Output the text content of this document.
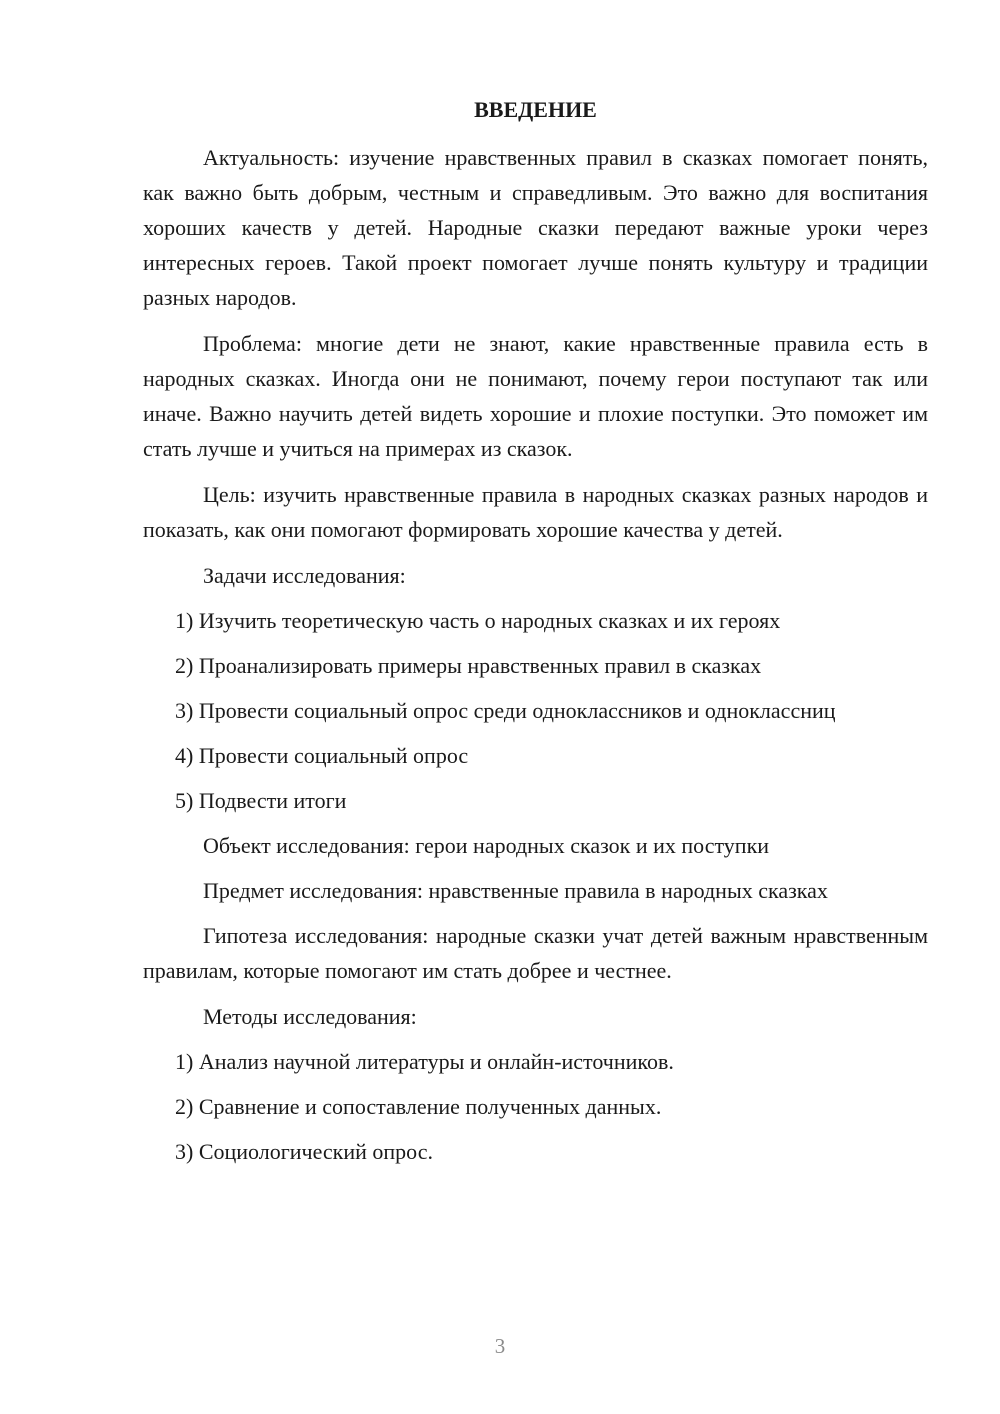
ВВЕДЕНИЕ

Актуальность: изучение нравственных правил в сказках помогает понять, как важно быть добрым, честным и справедливым. Это важно для воспитания хороших качеств у детей. Народные сказки передают важные уроки через интересных героев. Такой проект помогает лучше понять культуру и традиции разных народов.

Проблема: многие дети не знают, какие нравственные правила есть в народных сказках. Иногда они не понимают, почему герои поступают так или иначе. Важно научить детей видеть хорошие и плохие поступки. Это поможет им стать лучше и учиться на примерах из сказок.

Цель: изучить нравственные правила в народных сказках разных народов и показать, как они помогают формировать хорошие качества у детей.

Задачи исследования:
1) Изучить теоретическую часть о народных сказках и их героях
2) Проанализировать примеры нравственных правил в сказках
3) Провести социальный опрос среди одноклассников и одноклассниц
4) Провести социальный опрос
5) Подвести итоги
Объект исследования: герои народных сказок и их поступки
Предмет исследования: нравственные правила в народных сказках

Гипотеза исследования: народные сказки учат детей важным нравственным правилам, которые помогают им стать добрее и честнее.

Методы исследования:
1) Анализ научной литературы и онлайн-источников.
2) Сравнение и сопоставление полученных данных.
3) Социологический опрос.
3
